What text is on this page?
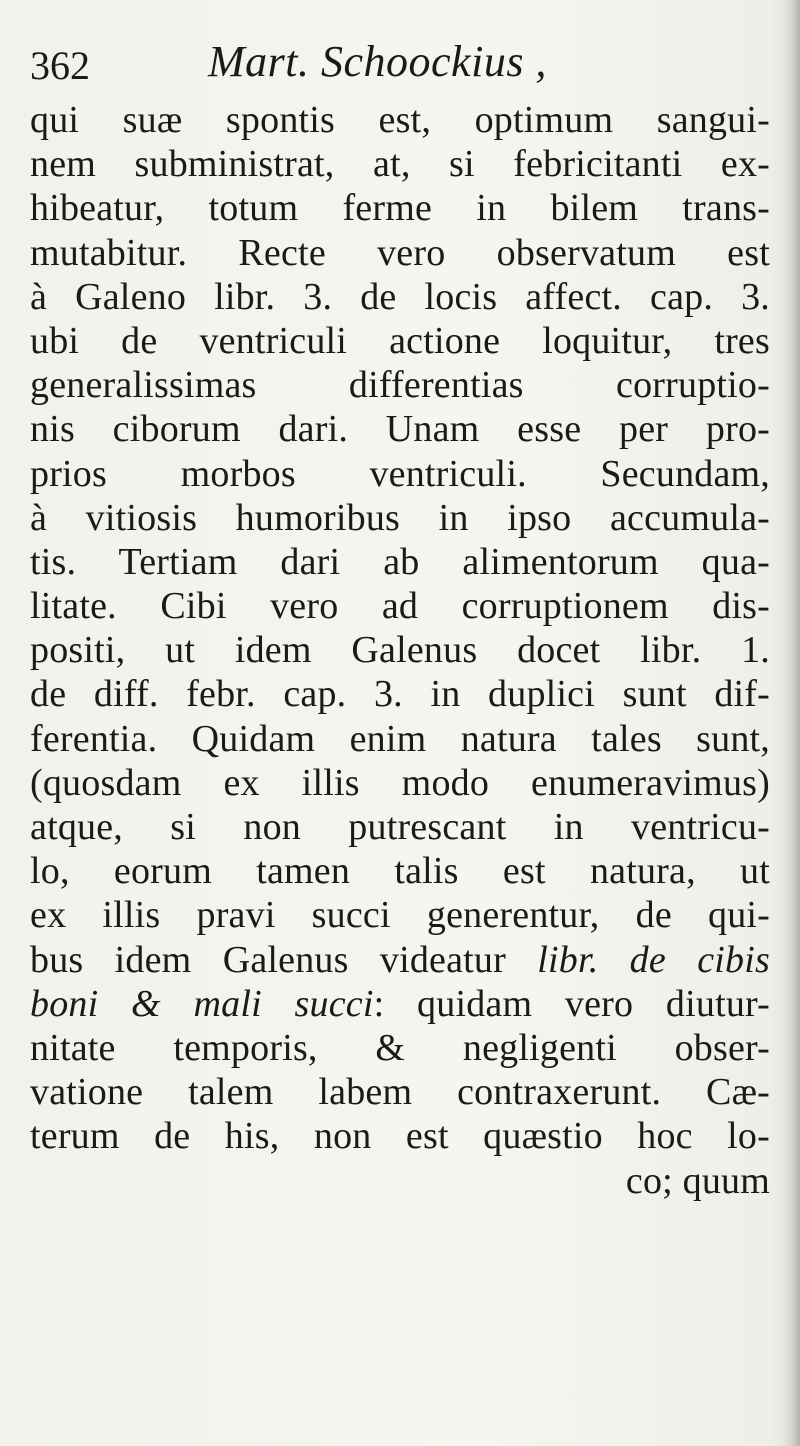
362	Mart. Schoockius ,
qui suæ spontis est, optimum sangui-
nem subministrat, at, si febricitanti ex-
hibeatur, totum ferme in bilem trans-
mutabitur. Recte vero observatum est
à Galeno libr. 3. de locis affect. cap. 3.
ubi de ventriculi actione loquitur, tres
generalissimas differentias corruptio-
nis ciborum dari. Unam esse per pro-
prios morbos ventriculi. Secundam,
à vitiosis humoribus in ipso accumula-
tis. Tertiam dari ab alimentorum qua-
litate. Cibi vero ad corruptionem dis-
positi, ut idem Galenus docet libr. 1.
de diff. febr. cap. 3. in duplici sunt dif-
ferentia. Quidam enim natura tales sunt,
(quosdam ex illis modo enumeravimus)
atque, si non putrescant in ventricu-
lo, eorum tamen talis est natura, ut
ex illis pravi succi generentur, de qui-
bus idem Galenus videatur libr. de cibis
boni & mali succi: quidam vero diutur-
nitate temporis, & negligenti obser-
vatione talem labem contraxerunt. Cæ-
terum de his, non est quæstio hoc lo-
co; quum
